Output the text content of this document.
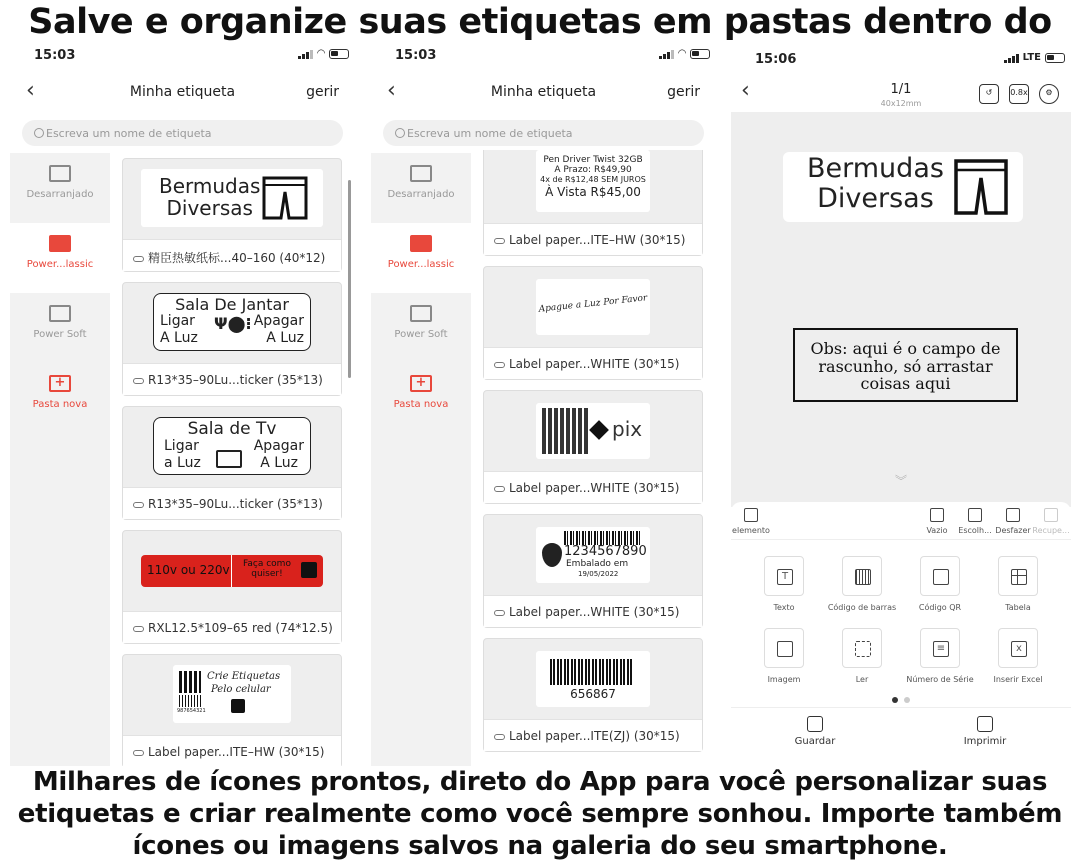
Salve e organize suas etiquetas em pastas dentro do
15:03	◠
‹	Minha etiqueta	gerir
Escreva um nome de etiqueta
Desarranjado
Power...lassic
Power Soft
+
Pasta nova
Bermudas
Diversas
精臣热敏纸标...40–160 (40*12)
Sala De Jantar
Ligar	Apagar
A Luz	A Luz
Ψ⬤⁝
R13*35–90Lu...ticker (35*13)
Sala de Tv
Ligar	Apagar
a Luz	A Luz
R13*35–90Lu...ticker (35*13)
110v ou 220v	Faça como quiser!
RXL12.5*109–65 red (74*12.5)
987654321
Crie Etiquetas
Pelo celular
Label paper...ITE–HW (30*15)
15:03	◠
‹	Minha etiqueta	gerir
Escreva um nome de etiqueta
Desarranjado
Power...lassic
Power Soft
+
Pasta nova
Pen Driver Twist 32GB
A Prazo: R$49,90
4x de R$12,48 SEM JUROS
À Vista R$45,00
Label paper...ITE–HW (30*15)
Apague a Luz Por Favor
Label paper...WHITE (30*15)
pix
Label paper...WHITE (30*15)
1234567890
Embalado em
19/05/2022
Label paper...WHITE (30*15)
656867
Label paper...ITE(ZJ) (30*15)
15:06	LTE
‹	1/1
40x12mm
↺	0.8x	⚙
Bermudas
Diversas
Obs: aqui é o campo de
rascunho, só arrastar
coisas aqui
︾
elemento	Vazio	Escolh... Desfazer Recupe...
T
Texto	Código de barras	Código QR	Tabela
Imagem	Ler
≡
Número de Série
x
Inserir Excel
Guardar	Imprimir
Milhares de ícones prontos, direto do App para você personalizar suas
etiquetas e criar realmente como você sempre sonhou. Importe também
ícones ou imagens salvos na galeria do seu smartphone.
